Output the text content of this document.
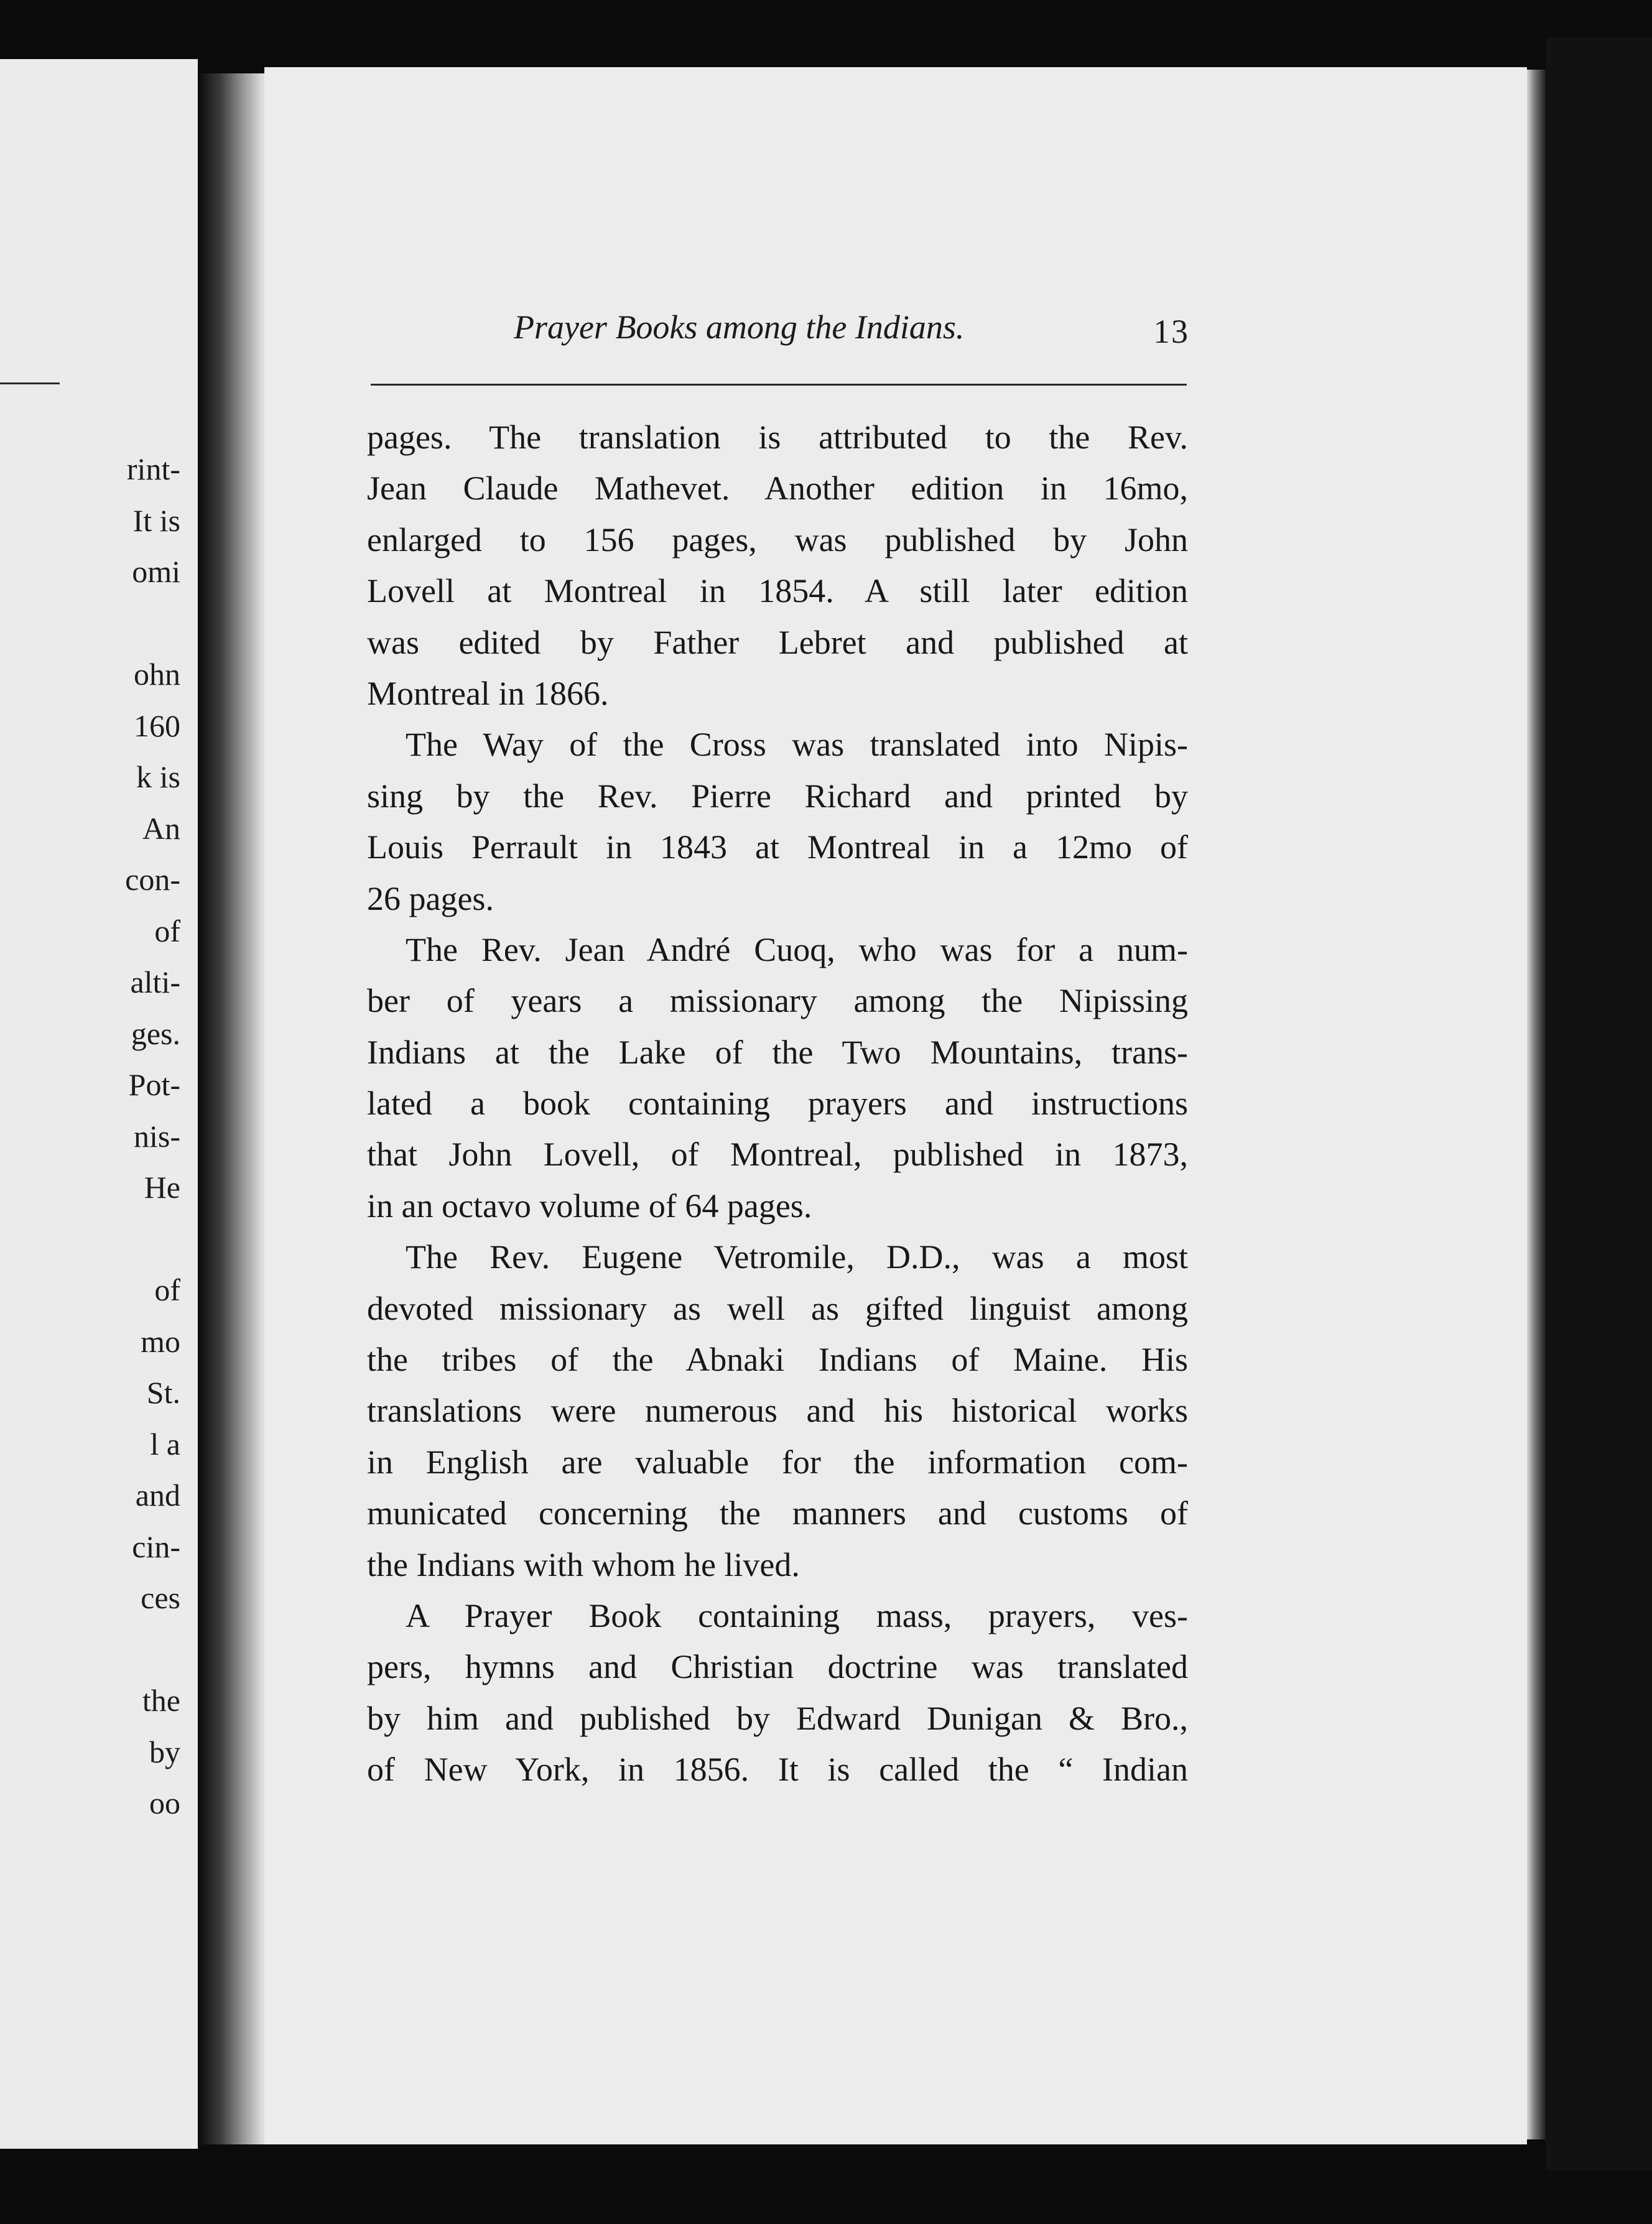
rint-
It is
omi
ohn
160
k is
An
con-
of
alti-
ges.
Pot-
nis-
He
of
mo
St.
l a
and
cin-
ces
the
by
oo
Prayer Books among the Indians.	13
pages. The translation is attributed to the Rev.
Jean Claude Mathevet. Another edition in 16mo,
enlarged to 156 pages, was published by John
Lovell at Montreal in 1854. A still later edition
was edited by Father Lebret and published at
Montreal in 1866.
The Way of the Cross was translated into Nipis-
sing by the Rev. Pierre Richard and printed by
Louis Perrault in 1843 at Montreal in a 12mo of
26 pages.
The Rev. Jean André Cuoq, who was for a num-
ber of years a missionary among the Nipissing
Indians at the Lake of the Two Mountains, trans-
lated a book containing prayers and instructions
that John Lovell, of Montreal, published in 1873,
in an octavo volume of 64 pages.
The Rev. Eugene Vetromile, D.D., was a most
devoted missionary as well as gifted linguist among
the tribes of the Abnaki Indians of Maine. His
translations were numerous and his historical works
in English are valuable for the information com-
municated concerning the manners and customs of
the Indians with whom he lived.
A Prayer Book containing mass, prayers, ves-
pers, hymns and Christian doctrine was translated
by him and published by Edward Dunigan & Bro.,
of New York, in 1856. It is called the “ Indian
